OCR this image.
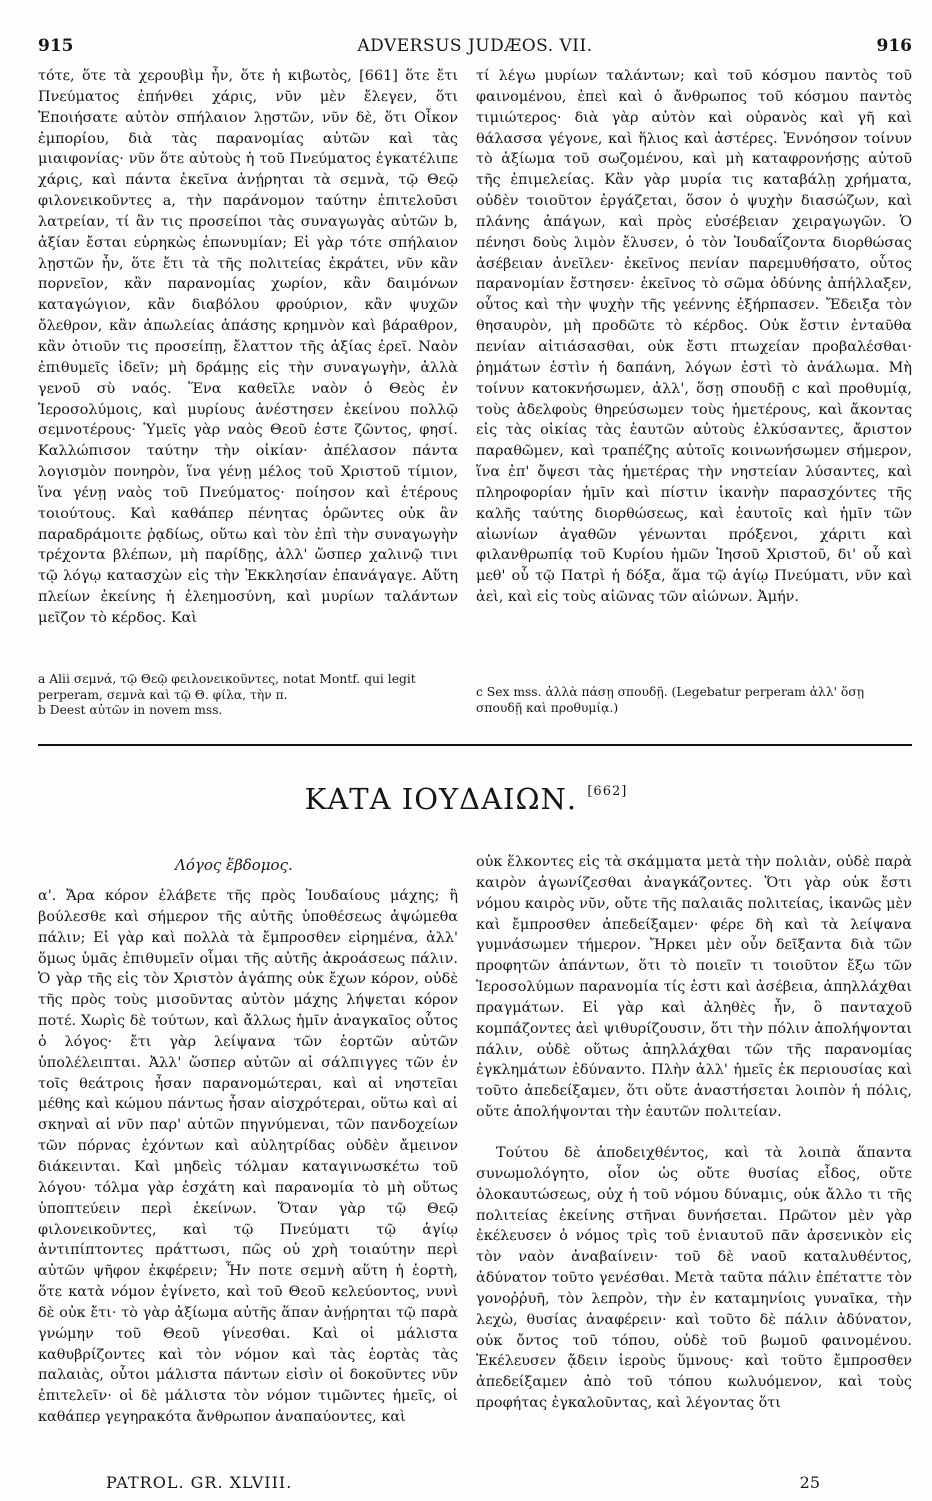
915	ADVERSUS JUDÆOS. VII.	916

τότε, ὅτε τὰ χερουβὶμ ἦν, ὅτε ἡ κιβωτὸς, [661] ὅτε ἔτι Πνεύματος ἐπήνθει χάρις, νῦν μὲν ἔλεγεν, ὅτι Ἐποιήσατε αὐτὸν σπήλαιον λῃστῶν, νῦν δὲ, ὅτι Οἶκον ἐμπορίου, διὰ τὰς παρανομίας αὐτῶν καὶ τὰς μιαιφονίας· νῦν ὅτε αὐτοὺς ἡ τοῦ Πνεύματος ἐγκατέλιπε χάρις, καὶ πάντα ἐκεῖνα ἀνῄρηται τὰ σεμνὰ, τῷ Θεῷ φιλονεικοῦντες a, τὴν παράνομον ταύτην ἐπιτελοῦσι λατρείαν, τί ἂν τις προσείποι τὰς συναγωγὰς αὐτῶν b, ἀξίαν ἔσται εὑρηκὼς ἐπωνυμίαν; Εἰ γὰρ τότε σπήλαιον λῃστῶν ἦν, ὅτε ἔτι τὰ τῆς πολιτείας ἐκράτει, νῦν κἂν πορνεῖον, κἂν παρανομίας χωρίον, κἂν δαιμόνων καταγώγιον, κἂν διαβόλου φρούριον, κἂν ψυχῶν ὄλεθρον, κἂν ἀπωλείας ἁπάσης κρημνὸν καὶ βάραθρον, κἂν ὁτιοῦν τις προσείπῃ, ἔλαττον τῆς ἀξίας ἐρεῖ. Ναὸν ἐπιθυμεῖς ἰδεῖν; μὴ δράμῃς εἰς τὴν συναγωγὴν, ἀλλὰ γενοῦ σὺ ναός. Ἕνα καθεῖλε ναὸν ὁ Θεὸς ἐν Ἱεροσολύμοις, καὶ μυρίους ἀνέστησεν ἐκείνου πολλῷ σεμνοτέρους· Ὑμεῖς γὰρ ναὸς Θεοῦ ἐστε ζῶντος, φησί. Καλλώπισον ταύτην τὴν οἰκίαν· ἀπέλασον πάντα λογισμὸν πονηρὸν, ἵνα γένῃ μέλος τοῦ Χριστοῦ τίμιον, ἵνα γένῃ ναὸς τοῦ Πνεύματος· ποίησον καὶ ἑτέρους τοιούτους. Καὶ καθάπερ πένητας ὁρῶντες οὐκ ἂν παραδράμοιτε ῥᾳδίως, οὕτω καὶ τὸν ἐπὶ τὴν συναγωγὴν τρέχοντα βλέπων, μὴ παρίδῃς, ἀλλ' ὥσπερ χαλινῷ τινι τῷ λόγῳ κατασχὼν εἰς τὴν Ἐκκλησίαν ἐπανάγαγε. Αὕτη πλείων ἐκείνης ἡ ἐλεημοσύνη, καὶ μυρίων ταλάντων μεῖζον τὸ κέρδος. Καὶ

a Alii σεμνά, τῷ Θεῷ φειλονεικοῦντες, notat Montf. qui legit perperam, σεμνὰ καὶ τῷ Θ. φίλα, τὴν π.

b Deest αὐτῶν in novem mss.

τί λέγω μυρίων ταλάντων; καὶ τοῦ κόσμου παντὸς τοῦ φαινομένου, ἐπεὶ καὶ ὁ ἄνθρωπος τοῦ κόσμου παντὸς τιμιώτερος· διὰ γὰρ αὐτὸν καὶ οὐρανὸς καὶ γῆ καὶ θάλασσα γέγονε, καὶ ἥλιος καὶ ἀστέρες. Ἐννόησον τοίνυν τὸ ἀξίωμα τοῦ σωζομένου, καὶ μὴ καταφρονήσῃς αὐτοῦ τῆς ἐπιμελείας. Κἂν γὰρ μυρία τις καταβάλῃ χρήματα, οὐδὲν τοιοῦτον ἐργάζεται, ὅσον ὁ ψυχὴν διασώζων, καὶ πλάνης ἀπάγων, καὶ πρὸς εὐσέβειαν χειραγωγῶν. Ὁ πένησι δοὺς λιμὸν ἔλυσεν, ὁ τὸν Ἰουδαΐζοντα διορθώσας ἀσέβειαν ἀνεῖλεν· ἐκεῖνος πενίαν παρεμυθήσατο, οὗτος παρανομίαν ἔστησεν· ἐκεῖνος τὸ σῶμα ὀδύνης ἀπήλλαξεν, οὗτος καὶ τὴν ψυχὴν τῆς γεέννης ἐξήρπασεν. Ἔδειξα τὸν θησαυρὸν, μὴ προδῶτε τὸ κέρδος. Οὐκ ἔστιν ἐνταῦθα πενίαν αἰτιάσασθαι, οὐκ ἔστι πτωχείαν προβαλέσθαι· ῥημάτων ἐστὶν ἡ δαπάνη, λόγων ἐστὶ τὸ ἀνάλωμα. Μὴ τοίνυν κατοκνήσωμεν, ἀλλ', ὅσῃ σπουδῇ c καὶ προθυμίᾳ, τοὺς ἀδελφοὺς θηρεύσωμεν τοὺς ἡμετέρους, καὶ ἄκοντας εἰς τὰς οἰκίας τὰς ἑαυτῶν αὐτοὺς ἑλκύσαντες, ἄριστον παραθῶμεν, καὶ τραπέζης αὐτοῖς κοινωνήσωμεν σήμερον, ἵνα ἐπ' ὄψεσι τὰς ἡμετέρας τὴν νηστείαν λύσαντες, καὶ πληροφορίαν ἡμῖν καὶ πίστιν ἱκανὴν παρασχόντες τῆς καλῆς ταύτης διορθώσεως, καὶ ἑαυτοῖς καὶ ἡμῖν τῶν αἰωνίων ἀγαθῶν γένωνται πρόξενοι, χάριτι καὶ φιλανθρωπίᾳ τοῦ Κυρίου ἡμῶν Ἰησοῦ Χριστοῦ, δι' οὗ καὶ μεθ' οὗ τῷ Πατρὶ ἡ δόξα, ἅμα τῷ ἁγίῳ Πνεύματι, νῦν καὶ ἀεὶ, καὶ εἰς τοὺς αἰῶνας τῶν αἰώνων. Ἀμήν.

c Sex mss. ἀλλὰ πάσῃ σπουδῇ. (Legebatur perperam ἀλλ' ὅσῃ σπουδῇ καὶ προθυμίᾳ.)

ΚΑΤΑ ΙΟΥΔΑΙΩΝ. [662]
Λόγος ἕβδομος.

α'. Ἄρα κόρον ἐλάβετε τῆς πρὸς Ἰουδαίους μάχης; ἢ βούλεσθε καὶ σήμερον τῆς αὐτῆς ὑποθέσεως ἀψώμεθα πάλιν; Εἰ γὰρ καὶ πολλὰ τὰ ἔμπροσθεν εἰρημένα, ἀλλ' ὅμως ὑμᾶς ἐπιθυμεῖν οἶμαι τῆς αὐτῆς ἀκροάσεως πάλιν. Ὁ γὰρ τῆς εἰς τὸν Χριστὸν ἀγάπης οὐκ ἔχων κόρον, οὐδὲ τῆς πρὸς τοὺς μισοῦντας αὐτὸν μάχης λήψεται κόρον ποτέ. Χωρὶς δὲ τούτων, καὶ ἄλλως ἡμῖν ἀναγκαῖος οὗτος ὁ λόγος· ἔτι γὰρ λείψανα τῶν ἑορτῶν αὐτῶν ὑπολέλειπται. Ἀλλ' ὥσπερ αὐτῶν αἱ σάλπιγγες τῶν ἐν τοῖς θεάτροις ἦσαν παρανομώτεραι, καὶ αἱ νηστεῖαι μέθης καὶ κώμου πάντως ἦσαν αἰσχρότεραι, οὕτω καὶ αἱ σκηναὶ αἱ νῦν παρ' αὐτῶν πηγνύμεναι, τῶν πανδοχείων τῶν πόρνας ἐχόντων καὶ αὐλητρίδας οὐδὲν ἄμεινον διάκεινται. Καὶ μηδεὶς τόλμαν καταγινωσκέτω τοῦ λόγου· τόλμα γὰρ ἐσχάτη καὶ παρανομία τὸ μὴ οὕτως ὑποπτεύειν περὶ ἐκείνων. Ὅταν γὰρ τῷ Θεῷ φιλονεικοῦντες, καὶ τῷ Πνεύματι τῷ ἁγίῳ ἀντιπίπτοντες πράττωσι, πῶς οὐ χρὴ τοιαύτην περὶ αὐτῶν ψῆφον ἐκφέρειν; Ἦν ποτε σεμνὴ αὕτη ἡ ἑορτὴ, ὅτε κατὰ νόμον ἐγίνετο, καὶ τοῦ Θεοῦ κελεύοντος, νυνὶ δὲ οὐκ ἔτι· τὸ γὰρ ἀξίωμα αὐτῆς ἅπαν ἀνῄρηται τῷ παρὰ γνώμην τοῦ Θεοῦ γίνεσθαι. Καὶ οἱ μάλιστα καθυβρίζοντες καὶ τὸν νόμον καὶ τὰς ἑορτὰς τὰς παλαιὰς, οὗτοι μάλιστα πάντων εἰσὶν οἱ δοκοῦντες νῦν ἐπιτελεῖν· οἱ δὲ μάλιστα τὸν νόμον τιμῶντες ἡμεῖς, οἱ καθάπερ γεγηρακότα ἄνθρωπον ἀναπαύοντες, καὶ

οὐκ ἕλκοντες εἰς τὰ σκάμματα μετὰ τὴν πολιὰν, οὐδὲ παρὰ καιρὸν ἀγωνίζεσθαι ἀναγκάζοντες. Ὅτι γὰρ οὐκ ἔστι νόμου καιρὸς νῦν, οὔτε τῆς παλαιᾶς πολιτείας, ἱκανῶς μὲν καὶ ἔμπροσθεν ἀπεδείξαμεν· φέρε δὴ καὶ τὰ λείψανα γυμνάσωμεν τήμερον. Ἤρκει μὲν οὖν δεῖξαντα διὰ τῶν προφητῶν ἁπάντων, ὅτι τὸ ποιεῖν τι τοιοῦτον ἔξω τῶν Ἱεροσολύμων παρανομία τίς ἐστι καὶ ἀσέβεια, ἀπηλλάχθαι πραγμάτων. Εἰ γὰρ καὶ ἀληθὲς ἦν, ὃ πανταχοῦ κομπάζοντες ἀεὶ ψιθυρίζουσιν, ὅτι τὴν πόλιν ἀπολήψονται πάλιν, οὐδὲ οὕτως ἀπηλλάχθαι τῶν τῆς παρανομίας ἐγκλημάτων ἐδύναντο. Πλὴν ἀλλ' ἡμεῖς ἐκ περιουσίας καὶ τοῦτο ἀπεδείξαμεν, ὅτι οὔτε ἀναστήσεται λοιπὸν ἡ πόλις, οὔτε ἀπολήψονται τὴν ἑαυτῶν πολιτείαν.

Τούτου δὲ ἀποδειχθέντος, καὶ τὰ λοιπὰ ἅπαντα συνωμολόγητο, οἷον ὡς οὔτε θυσίας εἶδος, οὔτε ὁλοκαυτώσεως, οὐχ ἡ τοῦ νόμου δύναμις, οὐκ ἄλλο τι τῆς πολιτείας ἐκείνης στῆναι δυνήσεται. Πρῶτον μὲν γὰρ ἐκέλευσεν ὁ νόμος τρὶς τοῦ ἐνιαυτοῦ πᾶν ἀρσενικὸν εἰς τὸν ναὸν ἀναβαίνειν· τοῦ δὲ ναοῦ καταλυθέντος, ἀδύνατον τοῦτο γενέσθαι. Μετὰ ταῦτα πάλιν ἐπέταττε τὸν γονοῤῥυῆ, τὸν λεπρὸν, τὴν ἐν καταμηνίοις γυναῖκα, τὴν λεχὼ, θυσίας ἀναφέρειν· καὶ τοῦτο δὲ πάλιν ἀδύνατον, οὐκ ὄντος τοῦ τόπου, οὐδὲ τοῦ βωμοῦ φαινομένου. Ἐκέλευσεν ᾄδειν ἱεροὺς ὕμνους· καὶ τοῦτο ἔμπροσθεν ἀπεδείξαμεν ἀπὸ τοῦ τόπου κωλυόμενον, καὶ τοὺς προφήτας ἐγκαλοῦντας, καὶ λέγοντας ὅτι

PATROL. GR. XLVIII.	25
